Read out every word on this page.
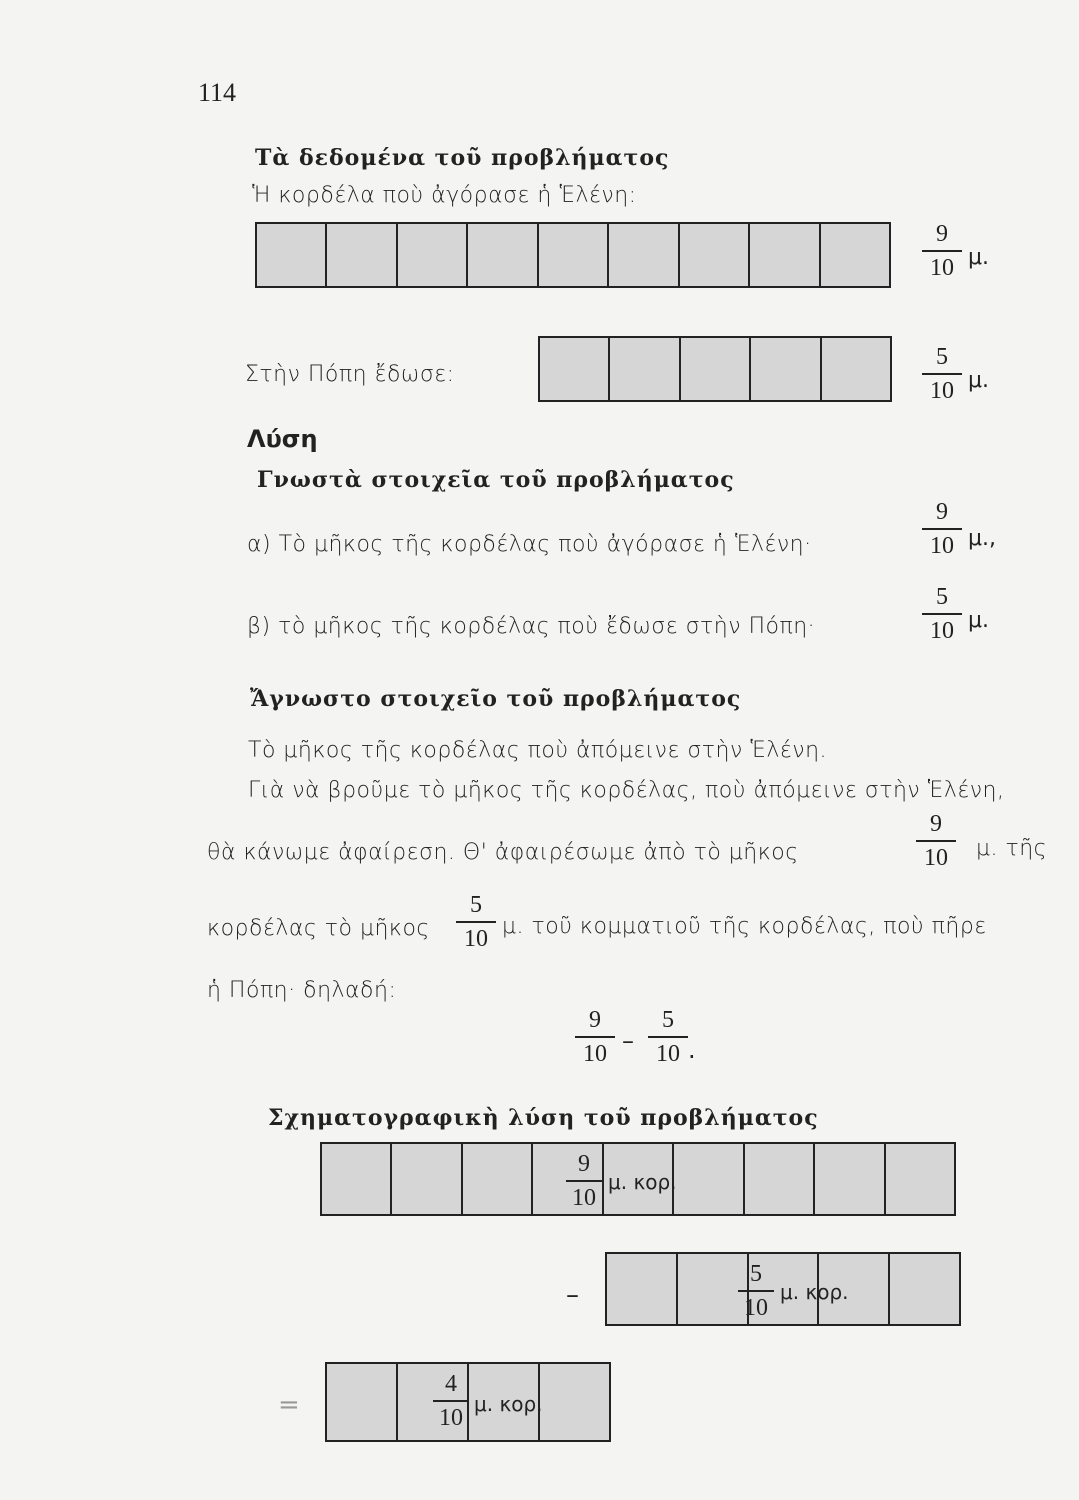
114
Τὰ δεδομένα τοῦ προβλήματος
Ἡ κορδέλα ποὺ ἀγόρασε ἡ Ἑλένη:
9
10 μ.
Στὴν Πόπη ἔδωσε:
5
10 μ.
Λύση
Γνωστὰ στοιχεῖα τοῦ προβλήματος
α) Τὸ μῆκος τῆς κορδέλας ποὺ ἀγόρασε ἡ Ἑλένη·
9
10 μ.,
β) τὸ μῆκος τῆς κορδέλας ποὺ ἔδωσε στὴν Πόπη·
5
10 μ.
Ἄγνωστο στοιχεῖο τοῦ προβλήματος
Τὸ μῆκος τῆς κορδέλας ποὺ ἀπόμεινε στὴν Ἑλένη.
Γιὰ νὰ βροῦμε τὸ μῆκος τῆς κορδέλας, ποὺ ἀπόμεινε στὴν Ἑλένη,
θὰ κάνωμε ἀφαίρεση. Θ' ἀφαιρέσωμε ἀπὸ τὸ μῆκος
9
10	μ. τῆς
κορδέλας τὸ μῆκος
5
10 μ. τοῦ κομματιοῦ τῆς κορδέλας, ποὺ πῆρε
ἡ Πόπη· δηλαδή:
9
10 –
5
10 .
Σχηματογραφικὴ λύση τοῦ προβλήματος
9
10
μ. κορ.
–
5
10
μ. κορ.
=
4
10
μ. κορ.
